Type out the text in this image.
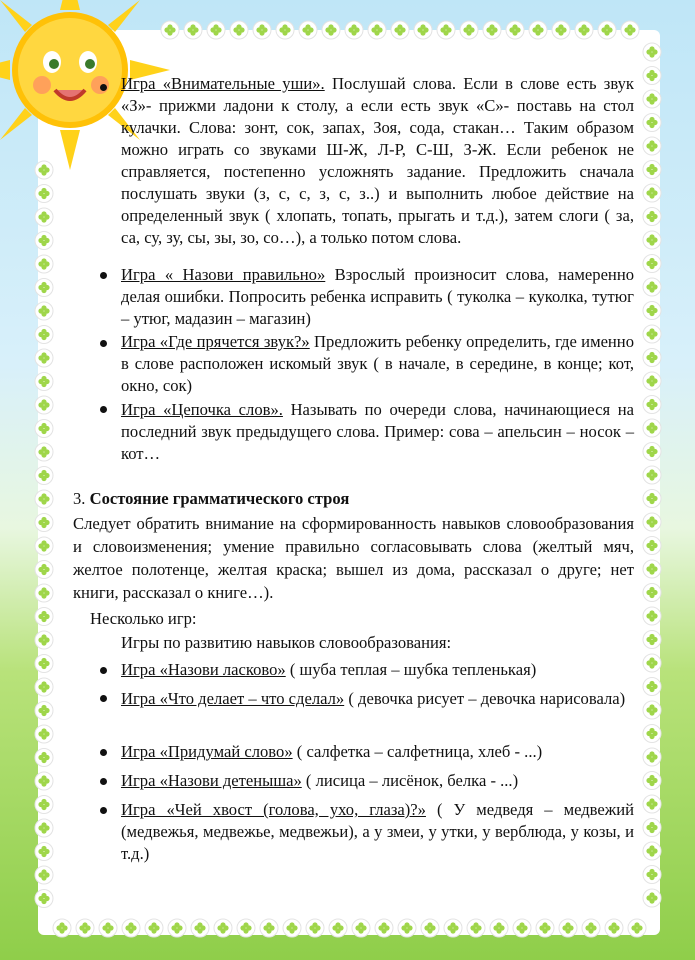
Игра «Внимательные уши». Послушай слова. Если в слове есть звук «З»- прижми ладони к столу, а если есть звук «С»- поставь на стол кулачки. Слова: зонт, сок, запах, Зоя, сода, стакан… Таким образом можно играть со звуками Ш-Ж, Л-Р, С-Ш, З-Ж. Если ребенок не справляется, постепенно усложнять задание. Предложить сначала послушать звуки (з, с, с, з, с, з..) и выполнить любое действие на определенный звук ( хлопать, топать, прыгать и т.д.), затем слоги ( за, са, су, зу, сы, зы, зо, со…), а только потом слова.
Игра « Назови правильно» Взрослый произносит слова, намеренно делая ошибки. Попросить ребенка исправить ( туколка – куколка, тутюг – утюг, мадазин – магазин)
Игра «Где прячется звук?» Предложить ребенку определить, где именно в слове расположен искомый звук ( в начале, в середине, в конце; кот, окно, сок)
Игра «Цепочка слов». Называть по очереди слова, начинающиеся на последний звук предыдущего слова. Пример: сова – апельсин – носок – кот…
3. Состояние грамматического строя
Следует обратить внимание на сформированность навыков словообразования и словоизменения; умение правильно согласовывать слова (желтый мяч, желтое полотенце, желтая краска; вышел из дома, рассказал о друге; нет книги, рассказал о книге…).
Несколько игр:
Игры по развитию навыков словообразования:
Игра «Назови ласково» ( шуба теплая – шубка тепленькая)
Игра «Что делает – что сделал» ( девочка рисует – девочка нарисовала)
Игра «Придумай слово» ( салфетка – салфетница, хлеб - ...)
Игра «Назови детеныша» ( лисица – лисёнок, белка - ...)
Игра «Чей хвост (голова, ухо, глаза)?» ( У медведя – медвежий (медвежья, медвежье, медвежьи), а у змеи, у утки, у верблюда, у козы, и т.д.)
